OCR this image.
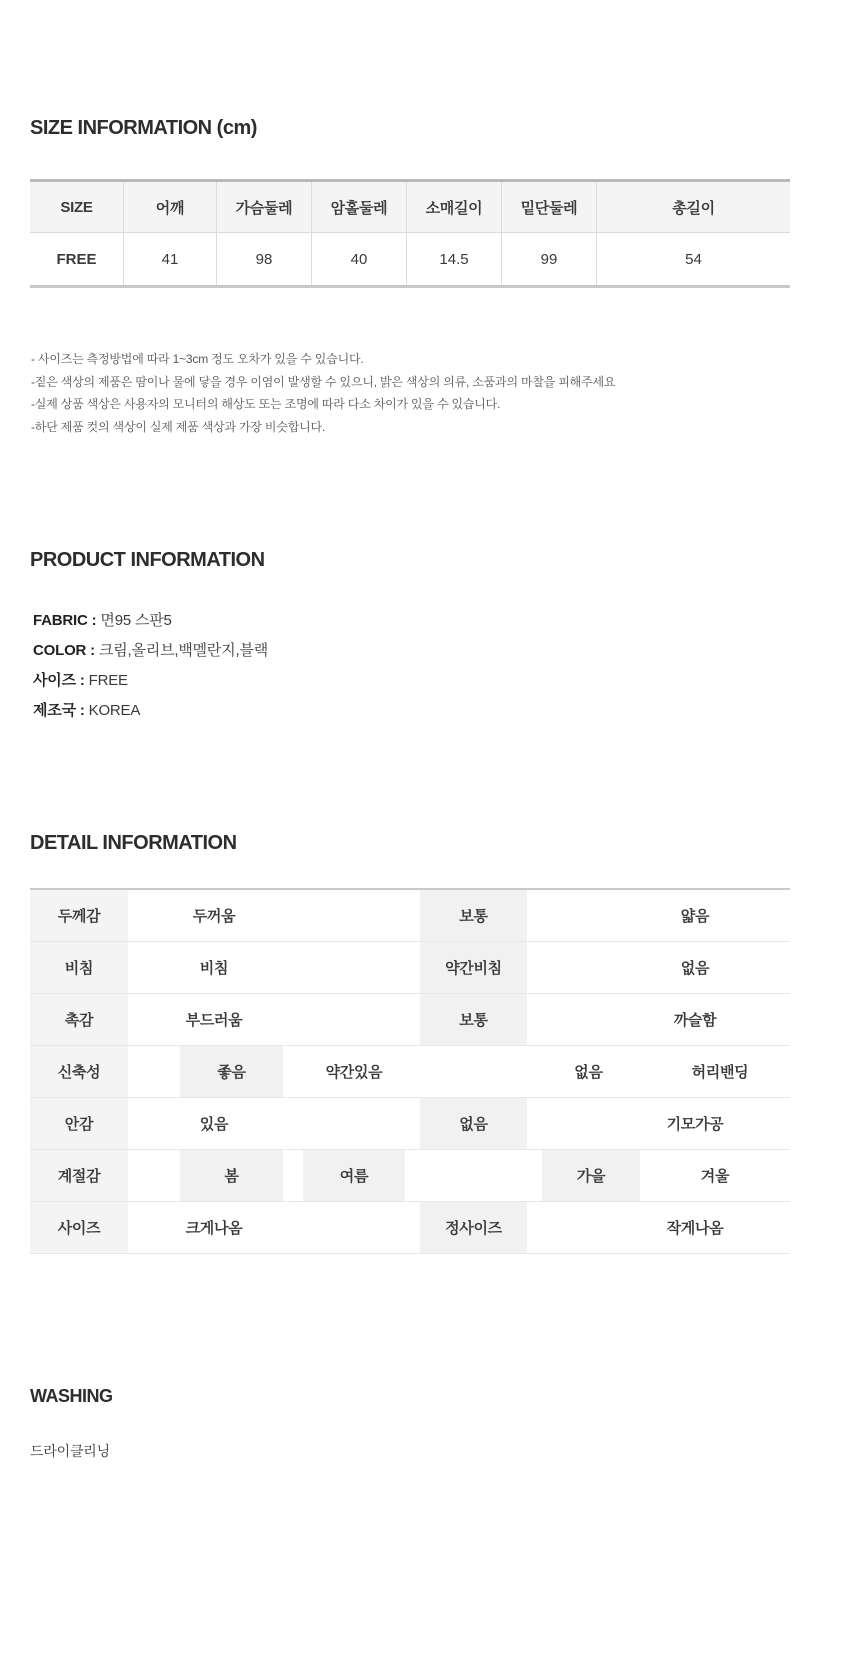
SIZE INFORMATION (cm)
SIZE	어깨	가슴둘레	암홀둘레	소매길이	밑단둘레	총길이
FREE	41	98	40	14.5	99	54
- 사이즈는 측정방법에 따라 1~3cm 정도 오차가 있을 수 있습니다.
-짙은 색상의 제품은 땀이나 물에 닿을 경우 이염이 발생할 수 있으니, 밝은 색상의 의류, 소품과의 마찰을 피해주세요
-실제 상품 색상은 사용자의 모니터의 해상도 또는 조명에 따라 다소 차이가 있을 수 있습니다.
-하단 제품 컷의 색상이 실제 제품 색상과 가장 비슷합니다.
PRODUCT INFORMATION
FABRIC : 면95 스판5
COLOR : 크림,올리브,백멜란지,블랙
사이즈 : FREE
제조국 : KOREA
DETAIL INFORMATION
두께감	두꺼움	보통	얇음
비침	비침	약간비침	없음
촉감	부드러움	보통	까슬함
신축성	좋음	약간있음	없음	허리밴딩
안감	있음	없음	기모가공
계절감	봄	여름	가을	겨울
사이즈	크게나옴	정사이즈	작게나옴
WASHING
드라이클리닝
